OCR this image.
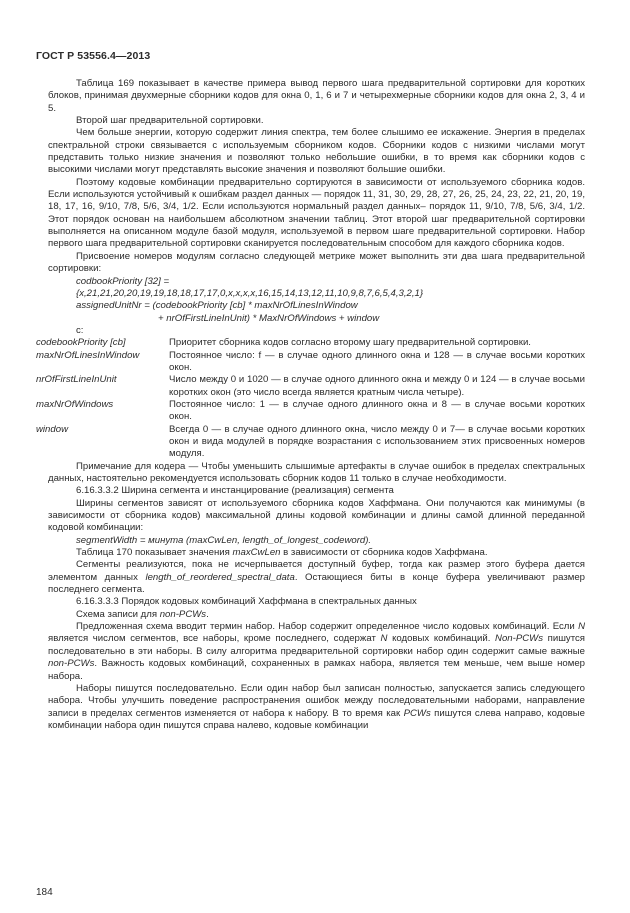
ГОСТ Р 53556.4—2013

Таблица 169 показывает в качестве примера вывод первого шага предварительной сортировки для коротких блоков, принимая двухмерные сборники кодов для окна 0, 1, 6 и 7 и четырехмерные сборники кодов для окна 2, 3, 4 и 5.

Второй шаг предварительной сортировки.

Чем больше энергии, которую содержит линия спектра, тем более слышимо ее искажение. Энергия в пределах спектральной строки связывается с используемым сборником кодов. Сборники кодов с низкими числами могут представить только низкие значения и позволяют только небольшие ошибки, в то время как сборники кодов с высокими числами могут представлять высокие значения и позволяют большие ошибки.

Поэтому кодовые комбинации предварительно сортируются в зависимости от используемого сборника кодов. Если используются устойчивый к ошибкам раздел данных — порядок 11, 31, 30, 29, 28, 27, 26, 25, 24, 23, 22, 21, 20, 19, 18, 17, 16, 9/10, 7/8, 5/6, 3/4, 1/2. Если используются нормальный раздел данных– порядок 11, 9/10, 7/8, 5/6, 3/4, 1/2. Этот порядок основан на наибольшем абсолютном значении таблиц. Этот второй шаг предварительной сортировки выполняется на описанном модуле базой модуля, используемой в первом шаге предварительной сортировки. Набор первого шага предварительной сортировки сканируется последовательным способом для каждого сборника кодов.

Присвоение номеров модулям согласно следующей метрике может выполнить эти два шага предварительной сортировки:

codbookPriority [32] =

{x,21,21,20,20,19,19,18,18,17,17,0,x,x,x,x,16,15,14,13,12,11,10,9,8,7,6,5,4,3,2,1}

assignedUnitNr = (codebookPriority [cb] * maxNrOfLinesInWindow

+ nrOfFirstLineInUnit) * MaxNrOfWindows + window

c:

codebookPriority [cb]	Приоритет сборника кодов согласно второму шагу предварительной сортировки.
maxNrOfLinesInWindow	Постоянное число: f — в случае одного длинного окна и 128 — в случае восьми коротких окон.
nrOfFirstLineInUnit	Число между 0 и 1020 — в случае одного длинного окна и между 0 и 124 — в случае восьми коротких окон (это число всегда является кратным числа четыре).
maxNrOfWindows	Постоянное число: 1 — в случае одного длинного окна и 8 — в случае восьми коротких окон.
window	Всегда 0 — в случае одного длинного окна, число между 0 и 7— в случае восьми коротких окон и вида модулей в порядке возрастания с использованием этих присвоенных номеров модуля.

Примечание для кодера — Чтобы уменьшить слышимые артефакты в случае ошибок в пределах спектральных данных, настоятельно рекомендуется использовать сборник кодов 11 только в случае необходимости.

6.16.3.3.2 Ширина сегмента и инстанцирование (реализация) сегмента

Ширины сегментов зависят от используемого сборника кодов Хаффмана. Они получаются как минимумы (в зависимости от сборника кодов) максимальной длины кодовой комбинации и длины самой длинной переданной кодовой комбинации:

segmentWidth = минута (maxCwLen, length_of_longest_codeword).

Таблица 170 показывает значения maxCwLen в зависимости от сборника кодов Хаффмана.

Сегменты реализуются, пока не исчерпывается доступный буфер, тогда как размер этого буфера дается элементом данных length_of_reordered_spectral_data. Остающиеся биты в конце буфера увеличивают размер последнего сегмента.

6.16.3.3.3 Порядок кодовых комбинаций Хаффмана в спектральных данных

Схема записи для non-PCWs.

Предложенная схема вводит термин набор. Набор содержит определенное число кодовых комбинаций. Если N является числом сегментов, все наборы, кроме последнего, содержат N кодовых комбинаций. Non-PCWs пишутся последовательно в эти наборы. В силу алгоритма предварительной сортировки набор один содержит самые важные non-PCWs. Важность кодовых комбинаций, сохраненных в рамках набора, является тем меньше, чем выше номер набора.

Наборы пишутся последовательно. Если один набор был записан полностью, запускается запись следующего набора. Чтобы улучшить поведение распространения ошибок между последовательными наборами, направление записи в пределах сегментов изменяется от набора к набору. В то время как PCWs пишутся слева направо, кодовые комбинации набора один пишутся справа налево, кодовые комбинации

184
